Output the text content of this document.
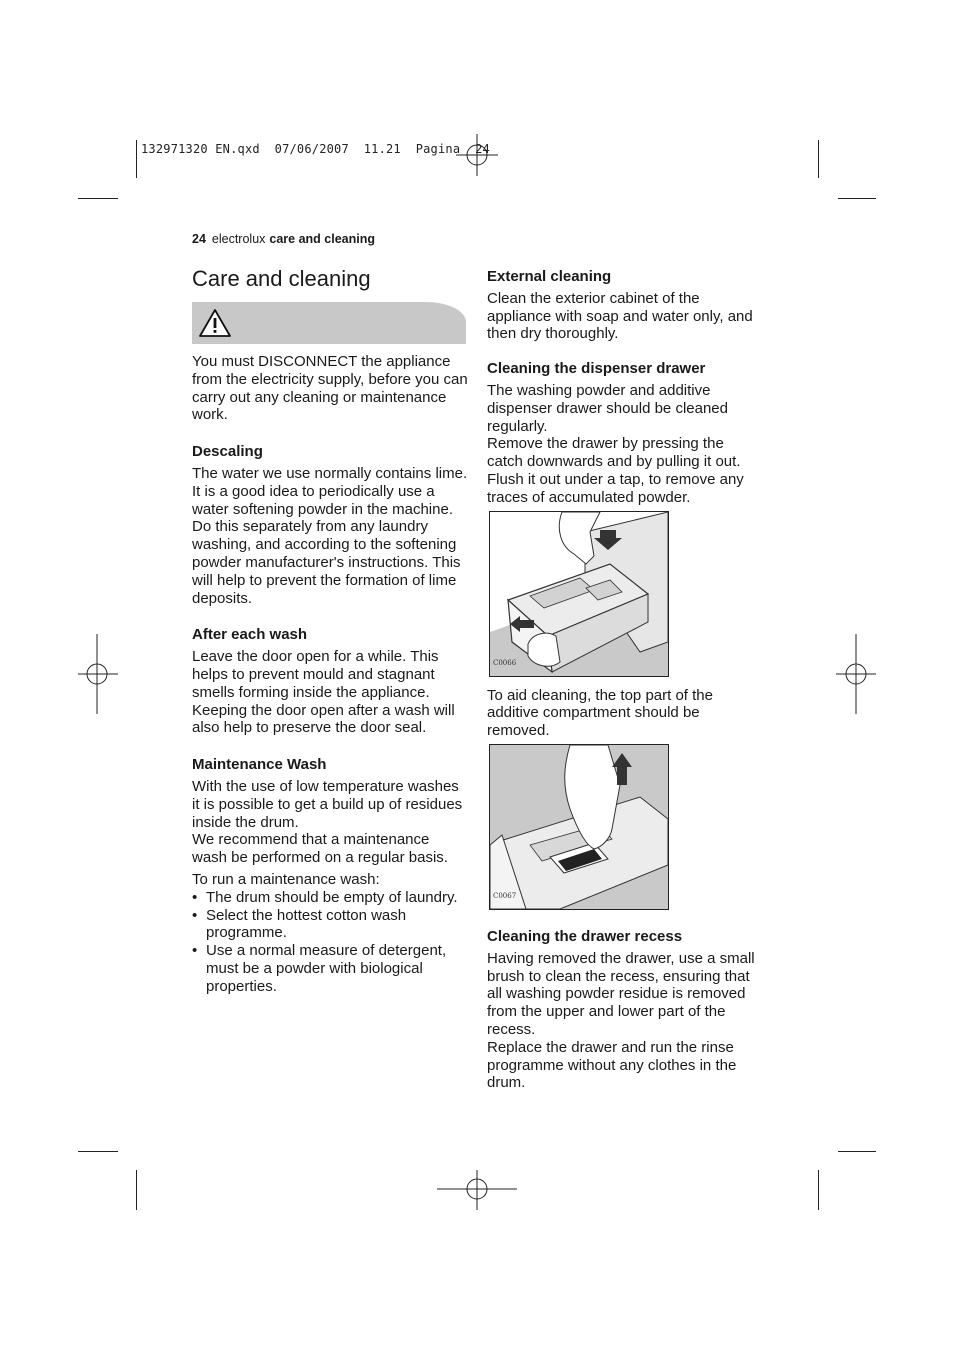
132971320 EN.qxd  07/06/2007  11.21  Pagina  24
24 electrolux care and cleaning
Care and cleaning

You must DISCONNECT the appliance from the electricity supply, before you can carry out any cleaning or maintenance work.

Descaling

The water we use normally contains lime. It is a good idea to periodically use a water softening powder in the machine. Do this separately from any laundry washing, and according to the softening powder manufacturer's instructions. This will help to prevent the formation of lime deposits.

After each wash

Leave the door open for a while. This helps to prevent mould and stagnant smells forming inside the appliance. Keeping the door open after a wash will also help to preserve the door seal.

Maintenance Wash

With the use of low temperature washes it is possible to get a build up of residues inside the drum.

We recommend that a maintenance wash be performed on a regular basis.

To run a maintenance wash:

• The drum should be empty of laundry.
• Select the hottest cotton wash programme.
• Use a normal measure of detergent, must be a powder with biological properties.
External cleaning

Clean the exterior cabinet of the appliance with soap and water only, and then dry thoroughly.

Cleaning the dispenser drawer

The washing powder and additive dispenser drawer should be cleaned regularly.

Remove the drawer by pressing the catch downwards and by pulling it out. Flush it out under a tap, to remove any traces of accumulated powder.

C0066

To aid cleaning, the top part of the additive compartment should be removed.

C0067
Cleaning the drawer recess

Having removed the drawer, use a small brush to clean the recess, ensuring that all washing powder residue is removed from the upper and lower part of the recess.

Replace the drawer and run the rinse programme without any clothes in the drum.
